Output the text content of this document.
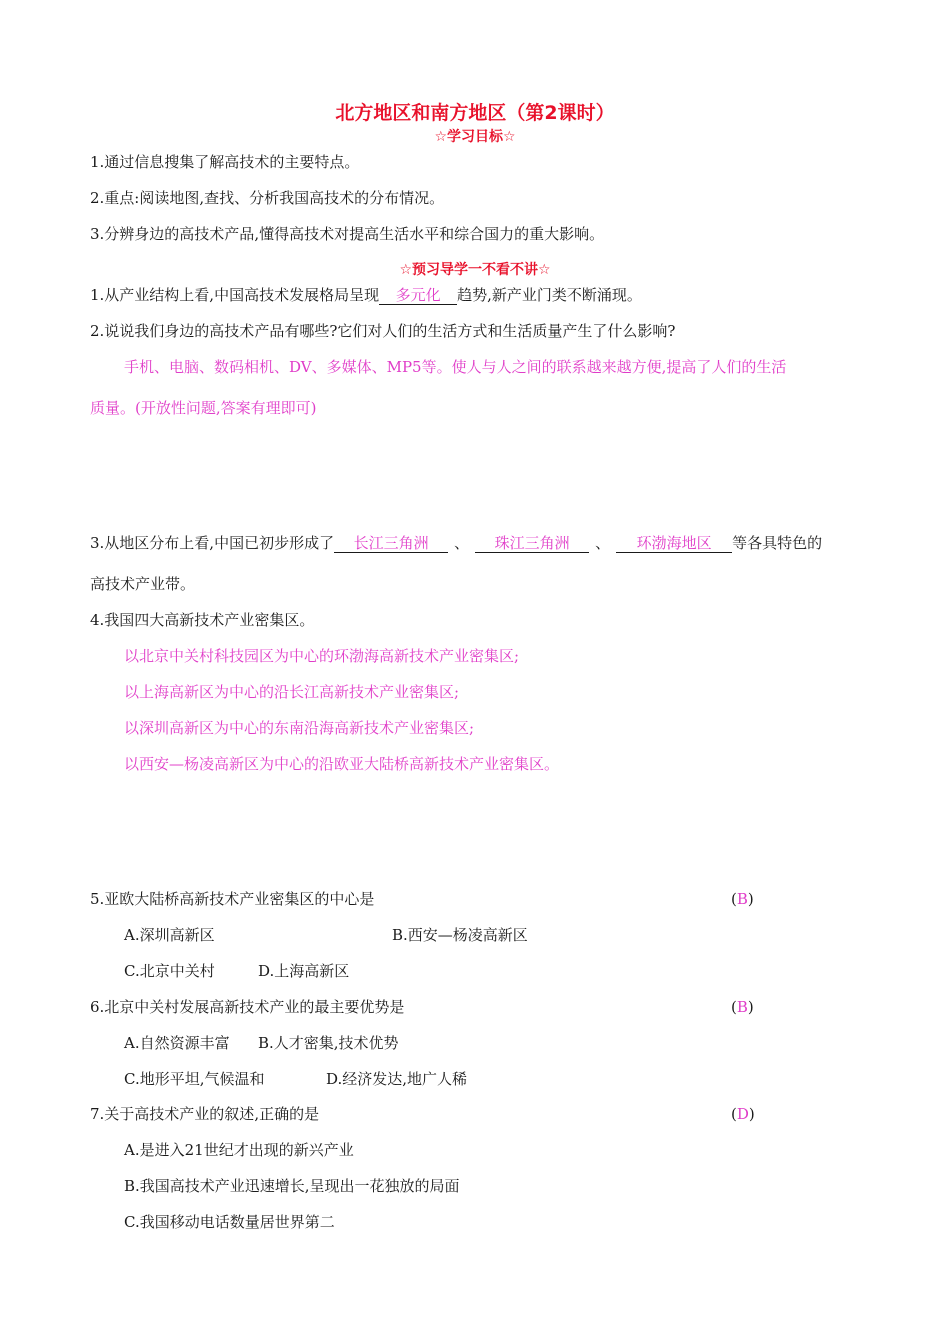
北方地区和南方地区（第2课时）
☆学习目标☆
1.通过信息搜集了解高技术的主要特点。
2.重点:阅读地图,查找、分析我国高技术的分布情况。
3.分辨身边的高技术产品,懂得高技术对提高生活水平和综合国力的重大影响。
☆预习导学一不看不讲☆
1.从产业结构上看,中国高技术发展格局呈现 多元化 趋势,新产业门类不断涌现。
2.说说我们身边的高技术产品有哪些?它们对人们的生活方式和生活质量产生了什么影响?
手机、电脑、数码相机、DV、多媒体、MP5等。使人与人之间的联系越来越方便,提高了人们的生活
质量。(开放性问题,答案有理即可)
3.从地区分布上看,中国已初步形成了 长江三角洲 、 珠江三角洲 、 环渤海地区 等各具特色的
高技术产业带。
4.我国四大高新技术产业密集区。
以北京中关村科技园区为中心的环渤海高新技术产业密集区;
以上海高新区为中心的沿长江高新技术产业密集区;
以深圳高新区为中心的东南沿海高新技术产业密集区;
以西安—杨凌高新区为中心的沿欧亚大陆桥高新技术产业密集区。
5.亚欧大陆桥高新技术产业密集区的中心是	(B)
A.深圳高新区	B.西安—杨凌高新区
C.北京中关村	D.上海高新区
6.北京中关村发展高新技术产业的最主要优势是	(B)
A.自然资源丰富 B.人才密集,技术优势
C.地形平坦,气候温和	D.经济发达,地广人稀
7.关于高技术产业的叙述,正确的是	(D)
A.是进入21世纪才出现的新兴产业
B.我国高技术产业迅速增长,呈现出一花独放的局面
C.我国移动电话数量居世界第二
